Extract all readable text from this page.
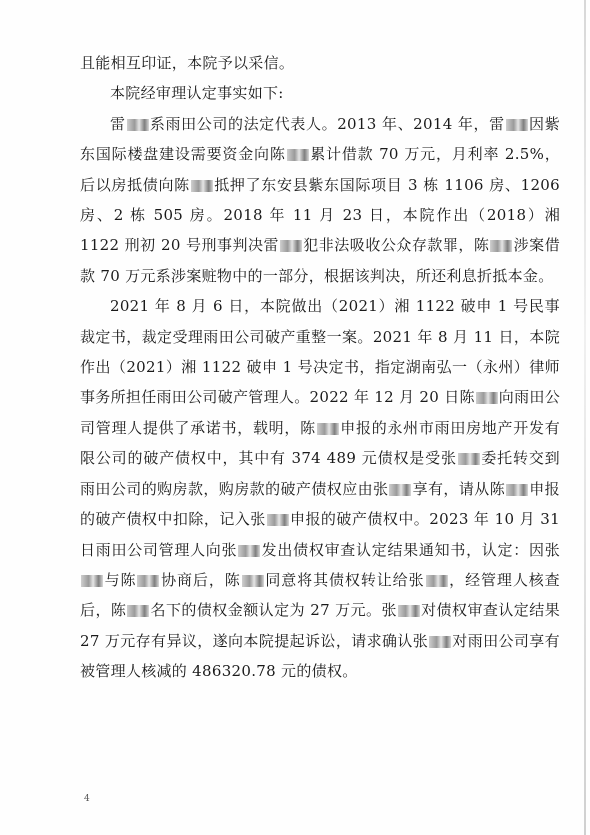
且能相互印证，本院予以采信。

本院经审理认定事实如下:

雷 系雨田公司的法定代表人。2013 年、2014 年，雷 因紫东国际楼盘建设需要资金向陈 累计借款 70 万元，月利率 2.5%，后以房抵债向陈 抵押了东安县紫东国际项目 3 栋 1106 房、1206 房、2 栋 505 房。2018 年 11 月 23 日，本院作出（2018）湘 1122 刑初 20 号刑事判决雷 犯非法吸收公众存款罪，陈 涉案借款 70 万元系涉案赃物中的一部分，根据该判决，所还利息折抵本金。

2021 年 8 月 6 日，本院做出（2021）湘 1122 破申 1 号民事裁定书，裁定受理雨田公司破产重整一案。2021 年 8 月 11 日，本院作出（2021）湘 1122 破申 1 号决定书，指定湖南弘一（永州）律师事务所担任雨田公司破产管理人。2022 年 12 月 20 日陈 向雨田公司管理人提供了承诺书，载明，陈 申报的永州市雨田房地产开发有限公司的破产债权中，其中有 374 489 元债权是受张 委托转交到雨田公司的购房款，购房款的破产债权应由张 享有，请从陈 申报的破产债权中扣除，记入张 申报的破产债权中。2023 年 10 月 31 日雨田公司管理人向张 发出债权审查认定结果通知书，认定：因张与陈 协商后，陈 同意将其债权转让给张 ，经管理人核查后，陈 名下的债权金额认定为 27 万元。张 对债权审查认定结果 27 万元存有异议，遂向本院提起诉讼，请求确认张 对雨田公司享有被管理人核减的 486320.78 元的债权。

4
